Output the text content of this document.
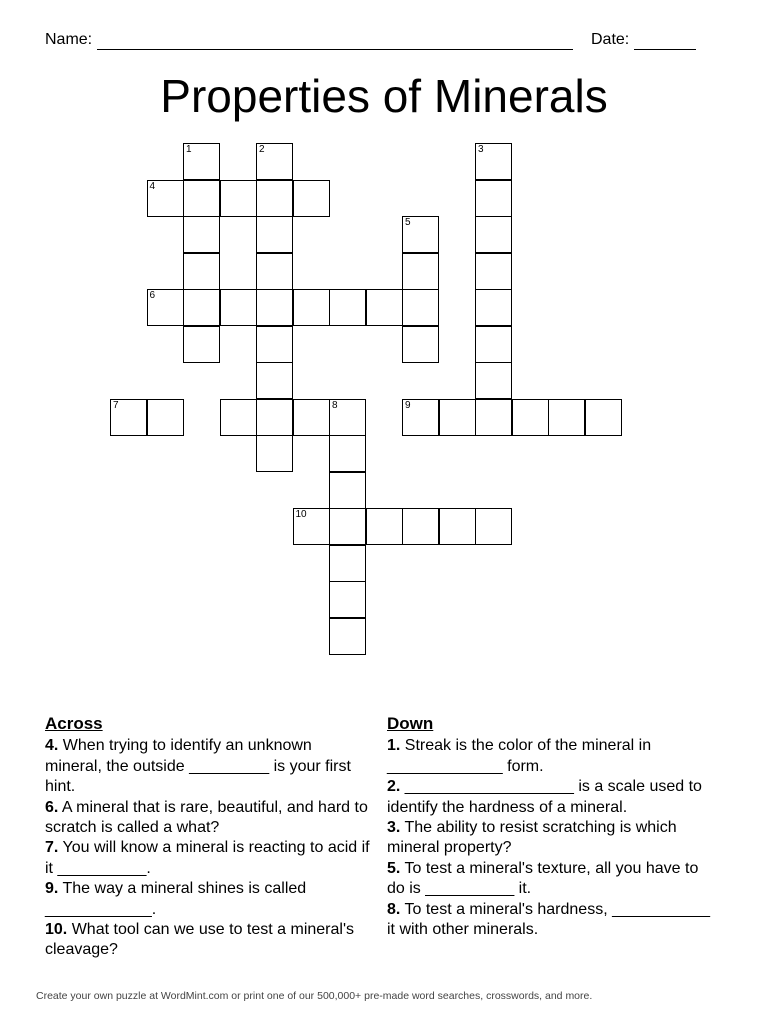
Name:	Date:
Properties of Minerals
1	2	3
4
5
6
7	8	9
10
Across
4. When trying to identify an unknown mineral, the outside _________ is your first hint.
6. A mineral that is rare, beautiful, and hard to scratch is called a what?
7. You will know a mineral is reacting to acid if it __________.
9. The way a mineral shines is called ____________.
10. What tool can we use to test a mineral's cleavage?
Down
1. Streak is the color of the mineral in _____________ form.
2. ___________________ is a scale used to identify the hardness of a mineral.
3. The ability to resist scratching is which mineral property?
5. To test a mineral's texture, all you have to do is __________ it.
8. To test a mineral's hardness, ___________ it with other minerals.
Create your own puzzle at WordMint.com or print one of our 500,000+ pre-made word searches, crosswords, and more.
